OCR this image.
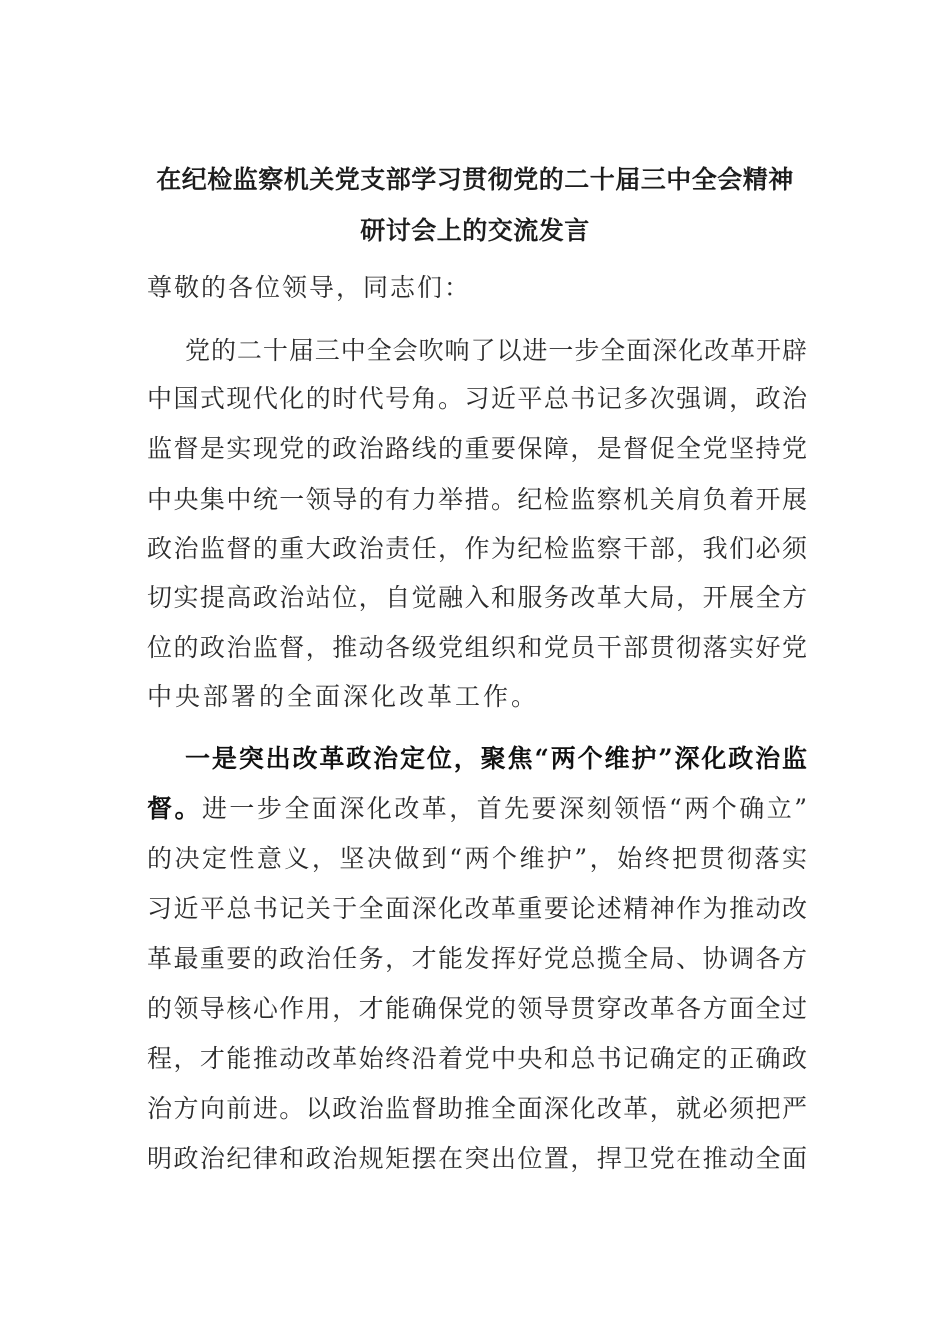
在纪检监察机关党支部学习贯彻党的二十届三中全会精神
研讨会上的交流发言
尊敬的各位领导，同志们：
党的二十届三中全会吹响了以进一步全面深化改革开辟
中国式现代化的时代号角。习近平总书记多次强调，政治
监督是实现党的政治路线的重要保障，是督促全党坚持党
中央集中统一领导的有力举措。纪检监察机关肩负着开展
政治监督的重大政治责任，作为纪检监察干部，我们必须
切实提高政治站位，自觉融入和服务改革大局，开展全方
位的政治监督，推动各级党组织和党员干部贯彻落实好党
中央部署的全面深化改革工作。
一是突出改革政治定位，聚焦“两个维护”深化政治监
督。进一步全面深化改革，首先要深刻领悟“两个确立”
的决定性意义，坚决做到“两个维护”，始终把贯彻落实
习近平总书记关于全面深化改革重要论述精神作为推动改
革最重要的政治任务，才能发挥好党总揽全局、协调各方
的领导核心作用，才能确保党的领导贯穿改革各方面全过
程，才能推动改革始终沿着党中央和总书记确定的正确政
治方向前进。以政治监督助推全面深化改革，就必须把严
明政治纪律和政治规矩摆在突出位置，捍卫党在推动全面
